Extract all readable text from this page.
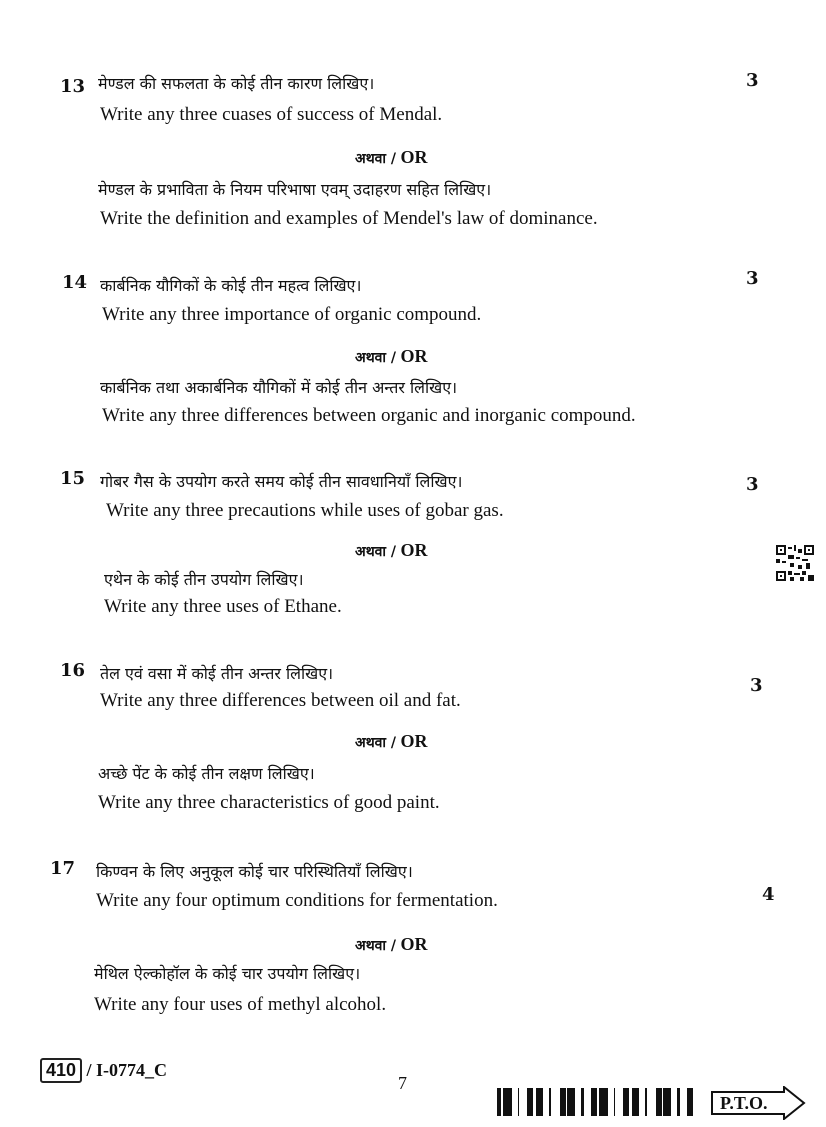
13 मेण्डल की सफलता के कोई तीन कारण लिखिए।	3
Write any three cuases of success of Mendal.
अथवा / OR
मेण्डल के प्रभाविता के नियम परिभाषा एवम् उदाहरण सहित लिखिए।
Write the definition and examples of Mendel's law of dominance.
14 कार्बनिक यौगिकों के कोई तीन महत्व लिखिए।	3
Write any three importance of organic compound.
अथवा / OR
कार्बनिक तथा अकार्बनिक यौगिकों में कोई तीन अन्तर लिखिए।
Write any three differences between organic and inorganic compound.
15 गोबर गैस के उपयोग करते समय कोई तीन सावधानियाँ लिखिए।	3
Write any three precautions while uses of gobar gas.
अथवा / OR
एथेन के कोई तीन उपयोग लिखिए।
Write any three uses of Ethane.
16 तेल एवं वसा में कोई तीन अन्तर लिखिए।
3
Write any three differences between oil and fat.
अथवा / OR
अच्छे पेंट के कोई तीन लक्षण लिखिए।
Write any three characteristics of good paint.
17 किण्वन के लिए अनुकूल कोई चार परिस्थितियाँ लिखिए।
4
Write any four optimum conditions for fermentation.
अथवा / OR
मेथिल ऐल्कोहॉल के कोई चार उपयोग लिखिए।
Write any four uses of methyl alcohol.
410 / I-0774_C
7
P.T.O.
